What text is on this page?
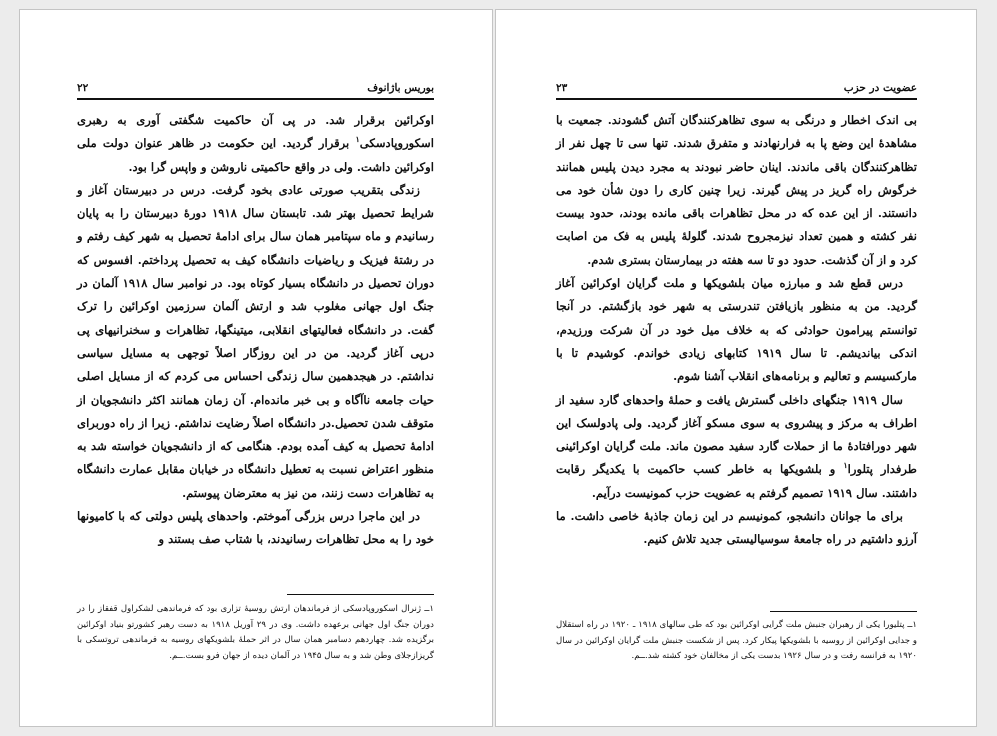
بوریس باژانوف
۲۲

اوکرائین برقرار شد. در پی آن حاکمیت شگفتی آوری به رهبری اسکوروپادسکی$^۱$ برقرار گردید. این حکومت در ظاهر عنوان دولت ملی اوکرائین داشت. ولی در واقع حاکمیتی ناروشن و واپس گرا بود.

زندگی بتقریب صورتی عادی بخود گرفت. درس در دبیرستان آغاز و شرایط تحصیل بهتر شد. تابستان سال ۱۹۱۸ دورهٔ دبیرستان را به پایان رسانیدم و ماه سپتامبر همان سال برای ادامهٔ تحصیل به شهر کیف رفتم و در رشتهٔ فیزیک و ریاضیات دانشگاه کیف به تحصیل پرداختم. افسوس که دوران تحصیل در دانشگاه بسیار کوتاه بود. در نوامبر سال ۱۹۱۸ آلمان در جنگ اول جهانی مغلوب شد و ارتش آلمان سرزمین اوکرائین را ترک گفت. در دانشگاه فعالیتهای انقلابی، میتینگها، تظاهرات و سخنرانیهای پی درپی آغاز گردید. من در این روزگار اصلاً توجهی به مسایل سیاسی نداشتم. در هیجدهمین سال زندگی احساس می کردم که از مسایل اصلی حیات جامعه ناآگاه و بی خبر مانده‌ام. آن زمان همانند اکثر دانشجویان از متوقف شدن تحصیل.در دانشگاه اصلاً رضایت نداشتم. زیرا از راه دوربرای ادامهٔ تحصیل به کیف آمده بودم. هنگامی که از دانشجویان خواسته شد به منظور اعتراض نسبت به تعطیل دانشگاه در خیابان مقابل عمارت دانشگاه به تظاهرات دست زنند، من نیز به معترضان پیوستم.

در این ماجرا درس بزرگی آموختم. واحدهای پلیس دولتی که با کامیونها خود را به محل تظاهرات رسانیدند، با شتاب صف بستند و

۱ــ ژنرال اسکوروپادسکی از فرماندهان ارتش روسیهٔ تزاری بود که فرماندهی لشکراول قفقاز را در دوران جنگ اول جهانی برعهده داشت. وی در ۲۹ آوریل ۱۹۱۸ به دست رهبر کشورتو بنیاد اوکرائین برگزیده شد. چهاردهم دسامبر همان سال در اثر حملهٔ بلشویکهای روسیه به فرماندهی تروتسکی با گریزازجلای وطن شد و به سال ۱۹۴۵ در آلمان دیده از جهان فرو بست.ــم.

عضویت در حزب
۲۳

بی اندک اخطار و درنگی به سوی تظاهرکنندگان آتش گشودند. جمعیت با مشاهدهٔ این وضع پا به فرارنهادند و متفرق شدند. تنها سی تا چهل نفر از تظاهرکنندگان باقی ماندند. اینان حاضر نبودند به مجرد دیدن پلیس همانند خرگوش راه گریز در پیش گیرند. زیرا چنین کاری را دون شأن خود می دانستند. از این عده که در محل تظاهرات باقی مانده بودند، حدود بیست نفر کشته و همین تعداد نیزمجروح شدند. گلولهٔ پلیس به فک من اصابت کرد و از آن گذشت. حدود دو تا سه هفته در بیمارستان بستری شدم.

درس قطع شد و مبارزه میان بلشویکها و ملت گرایان اوکرائین آغاز گردید. من به منظور بازیافتن تندرستی به شهر خود بازگشتم. در آنجا توانستم پیرامون حوادثی که به خلاف میل خود در آن شرکت ورزیدم، اندکی بیاندیشم. تا سال ۱۹۱۹ کتابهای زیادی خواندم. کوشیدم تا با مارکسیسم و تعالیم و برنامه‌های انقلاب آشنا شوم.

سال ۱۹۱۹ جنگهای داخلی گسترش یافت و حملهٔ واحدهای گارد سفید از اطراف به مرکز و پیشروی به سوی مسکو آغاز گردید. ولی پادولسک این شهر دورافتادهٔ ما از حملات گارد سفید مصون ماند. ملت گرایان اوکرائینی طرفدار پتلورا$^۱$ و بلشویکها به خاطر کسب حاکمیت با یکدیگر رقابت داشتند. سال ۱۹۱۹ تصمیم گرفتم به عضویت حزب کمونیست درآیم.

برای ما جوانان دانشجو، کمونیسم در این زمان جاذبهٔ خاصی داشت. ما آرزو داشتیم در راه جامعهٔ سوسیالیستی جدید تلاش کنیم.

۱ــ پتلیورا یکی از رهبران جنبش ملت گرایی اوکرائین بود که طی سالهای ۱۹۱۸ ـ ۱۹۲۰ در راه استقلال و جدایی اوکرائین از روسیه با بلشویکها پیکار کرد. پس از شکست جنبش ملت گرایان اوکرائین در سال ۱۹۲۰ به فرانسه رفت و در سال ۱۹۲۶ بدست یکی از مخالفان خود کشته شد.ــم.
